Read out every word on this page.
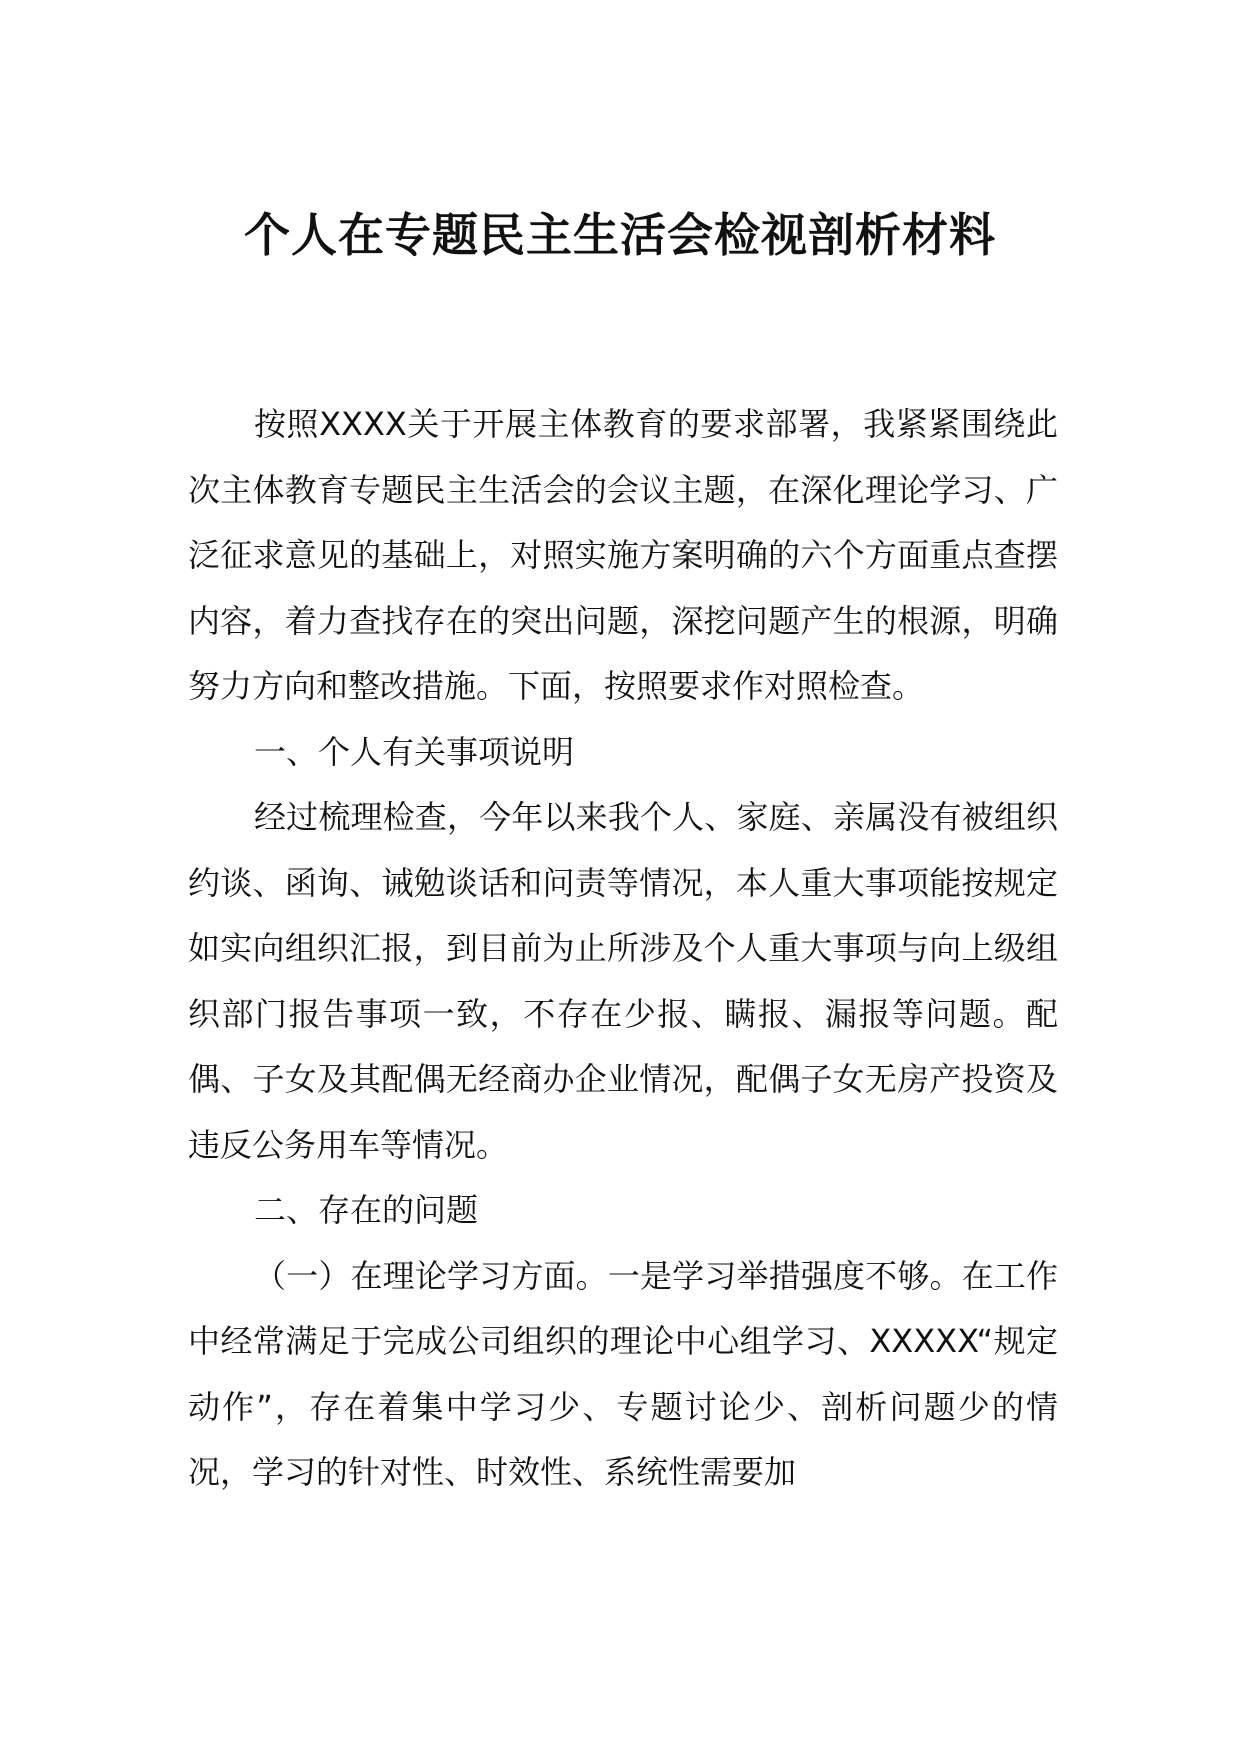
个人在专题民主生活会检视剖析材料

按照XXXX关于开展主体教育的要求部署，我紧紧围绕此次主体教育专题民主生活会的会议主题，在深化理论学习、广泛征求意见的基础上，对照实施方案明确的六个方面重点查摆内容，着力查找存在的突出问题，深挖问题产生的根源，明确努力方向和整改措施。下面，按照要求作对照检查。

一、个人有关事项说明

经过梳理检查，今年以来我个人、家庭、亲属没有被组织约谈、函询、诫勉谈话和问责等情况，本人重大事项能按规定如实向组织汇报，到目前为止所涉及个人重大事项与向上级组织部门报告事项一致，不存在少报、瞒报、漏报等问题。配偶、子女及其配偶无经商办企业情况，配偶子女无房产投资及违反公务用车等情况。

二、存在的问题

（一）在理论学习方面。一是学习举措强度不够。在工作中经常满足于完成公司组织的理论中心组学习、XXXXX“规定动作”，存在着集中学习少、专题讨论少、剖析问题少的情况，学习的针对性、时效性、系统性需要加
